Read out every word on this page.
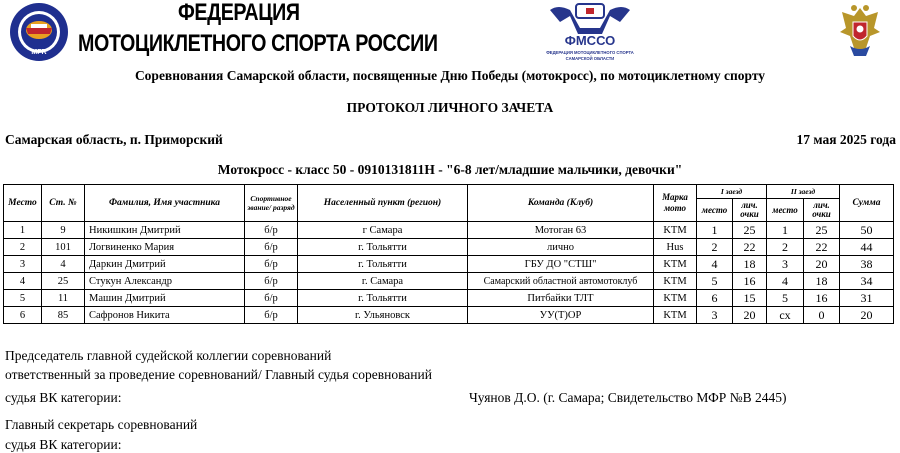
MFR
ФМССО
ФЕДЕРАЦИЯ МОТОЦИКЛЕТНОГО СПОРТА
САМАРСКОЙ ОБЛАСТИ
ФЕДЕРАЦИЯ
МОТОЦИКЛЕТНОГО СПОРТА РОССИИ
Соревнования Самарской области, посвященные Дню Победы (мотокросс), по мотоциклетному спорту
ПРОТОКОЛ ЛИЧНОГО ЗАЧЕТА
Самарская область, п. Приморский	17 мая 2025 года
Мотокросс - класс 50 - 0910131811Н - "6-8 лет/младшие мальчики, девочки"
Место	Ст. №	Фамилия, Имя участника	Спортивное звание/ разряд	Населенный пункт (регион)	Команда (Клуб)	Марка мото	I заезд		II заезд		Сумма
							место	лич. очки	место	лич. очки	
1	9	Никишкин Дмитрий	б/р	г Самара	Мотоган 63	KTM	1	25	1	25	50
2	101	Логвиненко Мария	б/р	г. Тольятти	лично	Hus	2	22	2	22	44
3	4	Даркин Дмитрий	б/р	г. Тольятти	ГБУ ДО "СТШ"	KTM	4	18	3	20	38
4	25	Стукун Александр	б/р	г. Самара	Самарский областной автомотоклуб	KTM	5	16	4	18	34
5	11	Машин Дмитрий	б/р	г. Тольятти	Питбайки ТЛТ	KTM	6	15	5	16	31
6	85	Сафронов Никита	б/р	г. Ульяновск	УУ(Т)ОР	KTM	3	20	сх	0	20
Председатель главной судейской коллегии соревнований
ответственный за проведение соревнований/ Главный судья соревнований
судья ВК категории:	Чуянов Д.О. (г. Самара; Свидетельство МФР №В 2445)
Главный секретарь соревнований
судья ВК категории:
